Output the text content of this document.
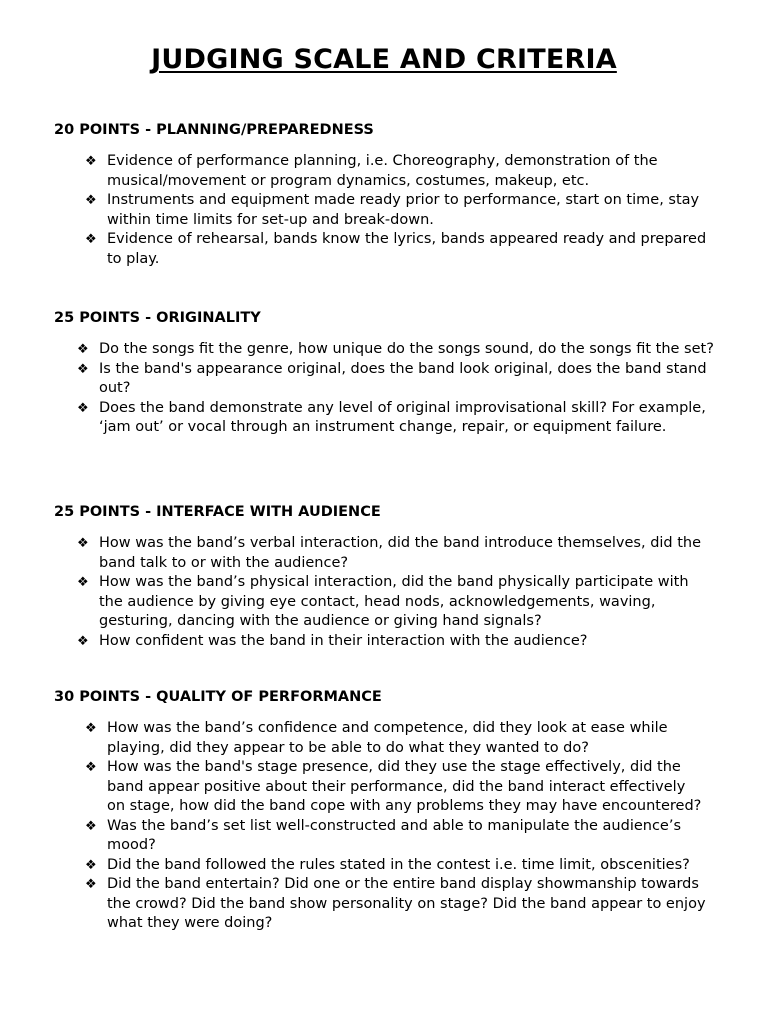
JUDGING SCALE AND CRITERIA
20 POINTS - PLANNING/PREPAREDNESS
❖ Evidence of performance planning, i.e. Choreography, demonstration of the musical/movement or program dynamics, costumes, makeup, etc.
❖ Instruments and equipment made ready prior to performance, start on time, stay within time limits for set-up and break-down.
❖ Evidence of rehearsal, bands know the lyrics, bands appeared ready and prepared to play.
25 POINTS - ORIGINALITY
❖ Do the songs fit the genre, how unique do the songs sound, do the songs fit the set?
❖ Is the band's appearance original, does the band look original, does the band stand out?
❖ Does the band demonstrate any level of original improvisational skill? For example, ‘jam out’ or vocal through an instrument change, repair, or equipment failure.
25 POINTS - INTERFACE WITH AUDIENCE
❖ How was the band’s verbal interaction, did the band introduce themselves, did the band talk to or with the audience?
❖ How was the band’s physical interaction, did the band physically participate with the audience by giving eye contact, head nods, acknowledgements, waving, gesturing, dancing with the audience or giving hand signals?
❖ How confident was the band in their interaction with the audience?
30 POINTS - QUALITY OF PERFORMANCE
❖ How was the band’s confidence and competence, did they look at ease while playing, did they appear to be able to do what they wanted to do?
❖ How was the band's stage presence, did they use the stage effectively, did the band appear positive about their performance, did the band interact effectively on stage, how did the band cope with any problems they may have encountered?
❖ Was the band’s set list well-constructed and able to manipulate the audience’s mood?
❖ Did the band followed the rules stated in the contest i.e. time limit, obscenities?
❖ Did the band entertain? Did one or the entire band display showmanship towards the crowd? Did the band show personality on stage? Did the band appear to enjoy what they were doing?
